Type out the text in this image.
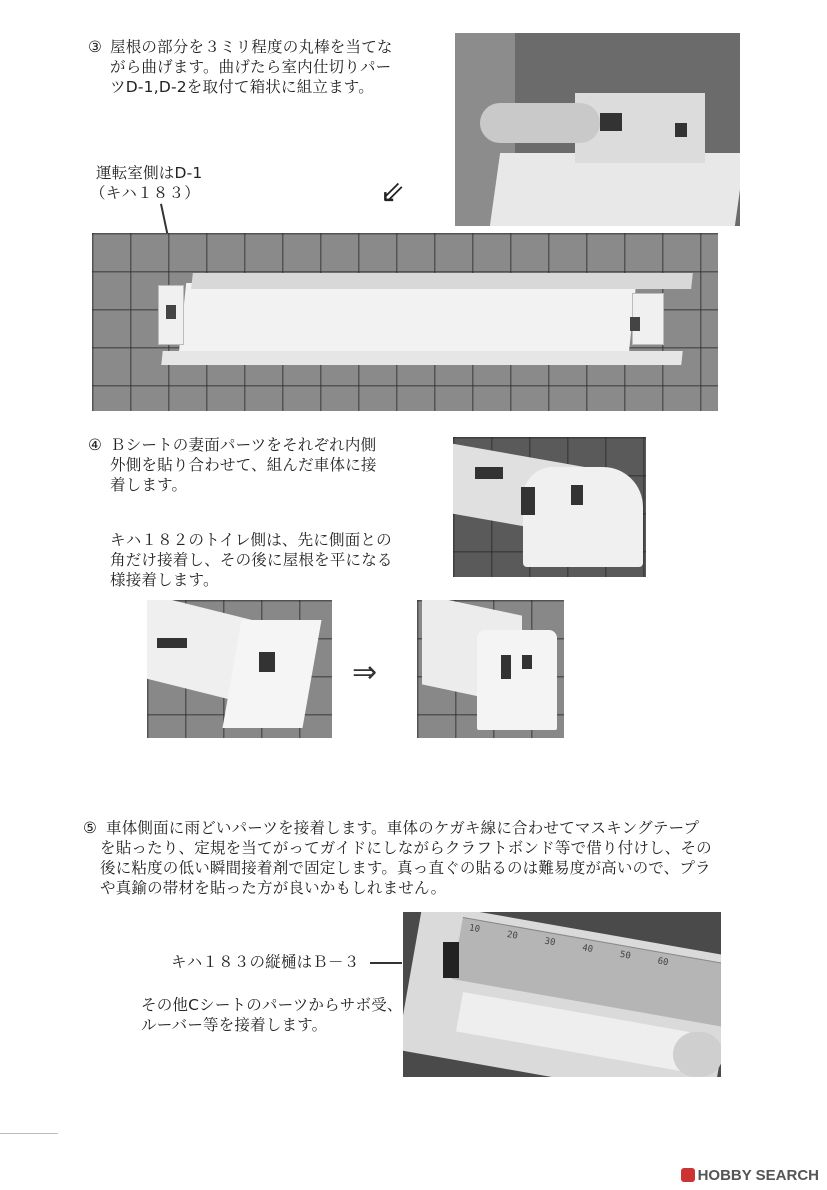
③ 屋根の部分を３ミリ程度の丸棒を当てな
がら曲げます。曲げたら室内仕切りパー
ツD-1,D-2を取付て箱状に組立ます。
運転室側はD-1
（キハ１８３）	⇙
④ Ｂシートの妻面パーツをそれぞれ内側
外側を貼り合わせて、組んだ車体に接
着します。
キハ１８２のトイレ側は、先に側面との
角だけ接着し、その後に屋根を平になる
様接着します。
⇒
⑤ 車体側面に雨どいパーツを接着します。車体のケガキ線に合わせてマスキングテープ
を貼ったり、定規を当てがってガイドにしながらクラフトボンド等で借り付けし、その
後に粘度の低い瞬間接着剤で固定します。真っ直ぐの貼るのは難易度が高いので、プラ
や真鍮の帯材を貼った方が良いかもしれません。
キハ１８３の縦樋はＢ－３
その他Cシートのパーツからサボ受、
ルーバー等を接着します。
10 20 30 40 50 60
HOBBY SEARCH
